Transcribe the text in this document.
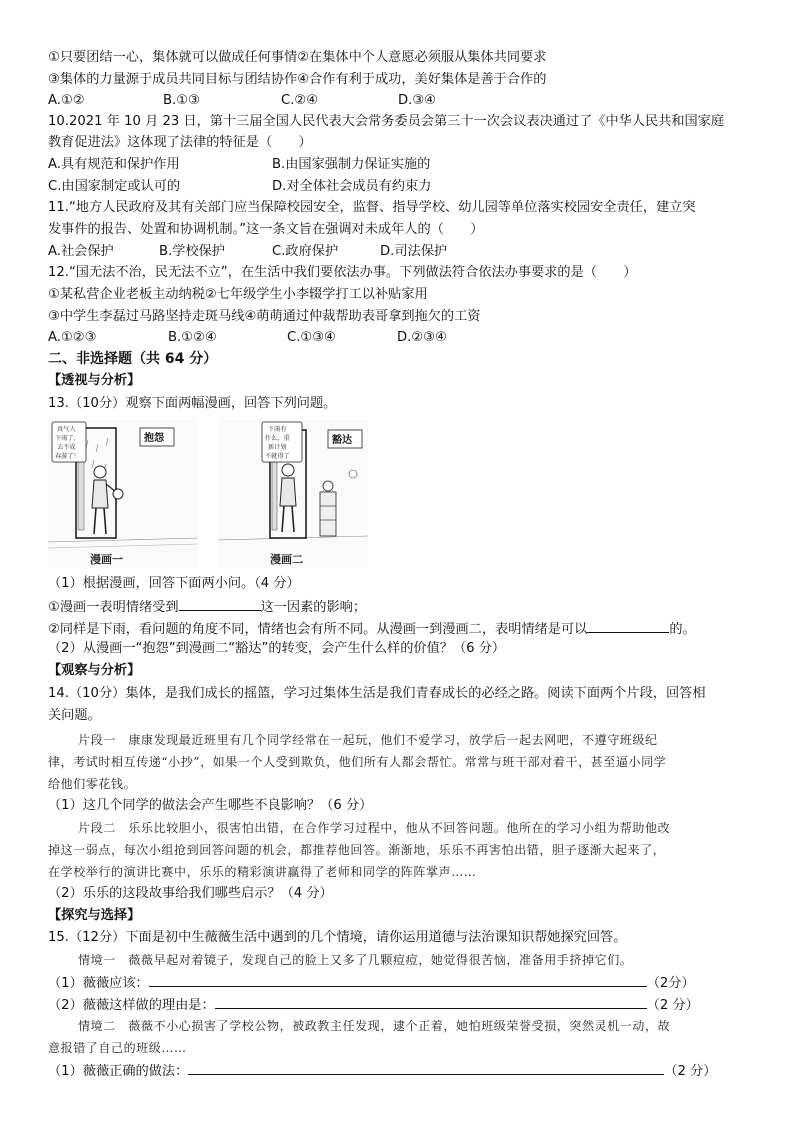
①只要团结一心，集体就可以做成任何事情②在集体中个人意愿必须服从集体共同要求
③集体的力量源于成员共同目标与团结协作④合作有利于成功，美好集体是善于合作的
A.①②	B.①③	C.②④	D.③④
10.2021 年 10 月 23 日，第十三届全国人民代表大会常务委员会第三十一次会议表决通过了《中华人民共和国家庭
教育促进法》这体现了法律的特征是（　　）
A.具有规范和保护作用	B.由国家强制力保证实施的
C.由国家制定或认可的	D.对全体社会成员有约束力
11.“地方人民政府及其有关部门应当保障校园安全，监督、指导学校、幼儿园等单位落实校园安全责任，建立突
发事件的报告、处置和协调机制。”这一条文旨在强调对未成年人的（　　）
A.社会保护	B.学校保护	C.政府保护	D.司法保护
12.“国无法不治，民无法不立”，在生活中我们要依法办事。下列做法符合依法办事要求的是（　　）
①某私营企业老板主动纳税②七年级学生小李辍学打工以补贴家用
③中学生李磊过马路坚持走斑马线④萌萌通过仲裁帮助表哥拿到拖欠的工资
A.①②③	B.①②④	C.①③④	D.②③④
二、非选择题（共 64 分）
【透视与分析】
13.（10分）观察下面两幅漫画，回答下列问题。
真气人 下雨了， 去不成 春游了！
抱怨
漫画一
下雨有 什么，重 新计划 不就得了
豁达
漫画二
（1）根据漫画，回答下面两小问。（4 分）
①漫画一表明情绪受到	这一因素的影响；
②同样是下雨，看问题的角度不同，情绪也会有所不同。从漫画一到漫画二，表明情绪是可以	的。
（2）从漫画一“抱怨”到漫画二“豁达”的转变，会产生什么样的价值？（6 分）
【观察与分析】
14.（10分）集体，是我们成长的摇篮，学习过集体生活是我们青春成长的必经之路。阅读下面两个片段，回答相
关问题。
片段一　康康发现最近班里有几个同学经常在一起玩，他们不爱学习，放学后一起去网吧，不遵守班级纪
律，考试时相互传递“小抄”，如果一个人受到欺负，他们所有人都会帮忙。常常与班干部对着干，甚至逼小同学
给他们零花钱。
（1）这几个同学的做法会产生哪些不良影响？（6 分）
片段二　乐乐比较胆小，很害怕出错，在合作学习过程中，他从不回答问题。他所在的学习小组为帮助他改
掉这一弱点，每次小组抢到回答问题的机会，都推荐他回答。渐渐地，乐乐不再害怕出错，胆子逐渐大起来了，
在学校举行的演讲比赛中，乐乐的精彩演讲赢得了老师和同学的阵阵掌声……
（2）乐乐的这段故事给我们哪些启示？（4 分）
【探究与选择】
15.（12分）下面是初中生薇薇生活中遇到的几个情境，请你运用道德与法治课知识帮她探究回答。
情境一　薇薇早起对着镜子，发现自己的脸上又多了几颗痘痘，她觉得很苦恼，准备用手挤掉它们。
（1）薇薇应该：	（2分）
（2）薇薇这样做的理由是：	（2 分）
情境二　薇薇不小心损害了学校公物，被政教主任发现，逮个正着，她怕班级荣誉受损，突然灵机一动，故
意报错了自己的班级……
（1）薇薇正确的做法：	（2 分）
